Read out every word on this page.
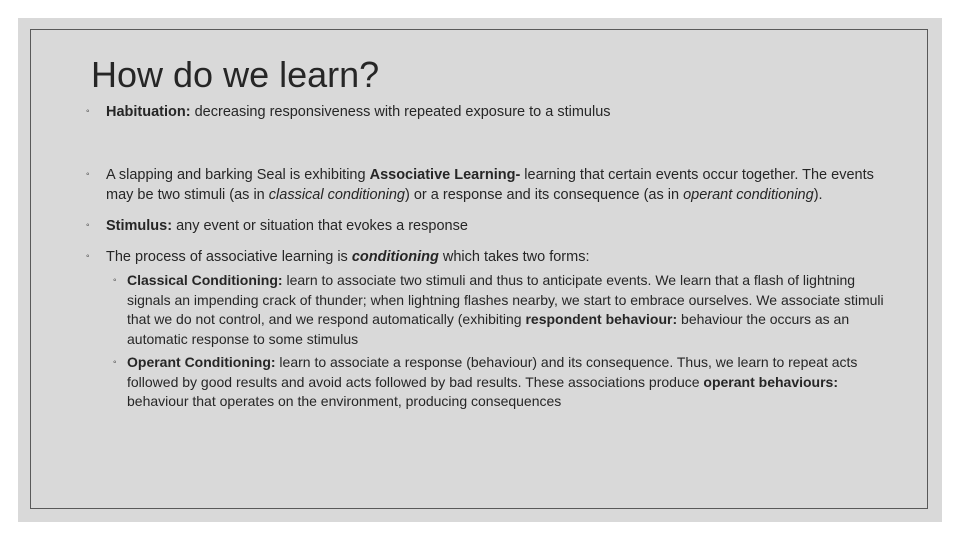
How do we learn?

◦ Habituation: decreasing responsiveness with repeated exposure to a stimulus

◦ A slapping and barking Seal is exhibiting Associative Learning- learning that certain events occur together. The events may be two stimuli (as in classical conditioning) or a response and its consequence (as in operant conditioning).

◦ Stimulus: any event or situation that evokes a response

◦ The process of associative learning is conditioning which takes two forms:

◦ Classical Conditioning: learn to associate two stimuli and thus to anticipate events. We learn that a flash of lightning signals an impending crack of thunder; when lightning flashes nearby, we start to embrace ourselves. We associate stimuli that we do not control, and we respond automatically (exhibiting respondent behaviour: behaviour the occurs as an automatic response to some stimulus

◦ Operant Conditioning: learn to associate a response (behaviour) and its consequence. Thus, we learn to repeat acts followed by good results and avoid acts followed by bad results. These associations produce operant behaviours: behaviour that operates on the environment, producing consequences
